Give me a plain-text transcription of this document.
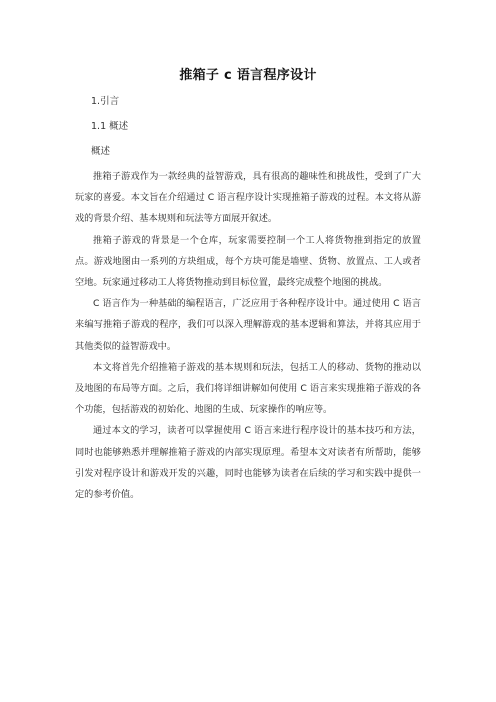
推箱子 c 语言程序设计
1.引言
1.1 概述
概述

推箱子游戏作为一款经典的益智游戏，具有很高的趣味性和挑战性，受到了广大玩家的喜爱。本文旨在介绍通过 C 语言程序设计实现推箱子游戏的过程。本文将从游戏的背景介绍、基本规则和玩法等方面展开叙述。

推箱子游戏的背景是一个仓库，玩家需要控制一个工人将货物推到指定的放置点。游戏地图由一系列的方块组成，每个方块可能是墙壁、货物、放置点、工人或者空地。玩家通过移动工人将货物推动到目标位置，最终完成整个地图的挑战。

C 语言作为一种基础的编程语言，广泛应用于各种程序设计中。通过使用 C 语言来编写推箱子游戏的程序，我们可以深入理解游戏的基本逻辑和算法，并将其应用于其他类似的益智游戏中。

本文将首先介绍推箱子游戏的基本规则和玩法，包括工人的移动、货物的推动以及地图的布局等方面。之后，我们将详细讲解如何使用 C 语言来实现推箱子游戏的各个功能，包括游戏的初始化、地图的生成、玩家操作的响应等。

通过本文的学习，读者可以掌握使用 C 语言来进行程序设计的基本技巧和方法，同时也能够熟悉并理解推箱子游戏的内部实现原理。希望本文对读者有所帮助，能够引发对程序设计和游戏开发的兴趣，同时也能够为读者在后续的学习和实践中提供一定的参考价值。
